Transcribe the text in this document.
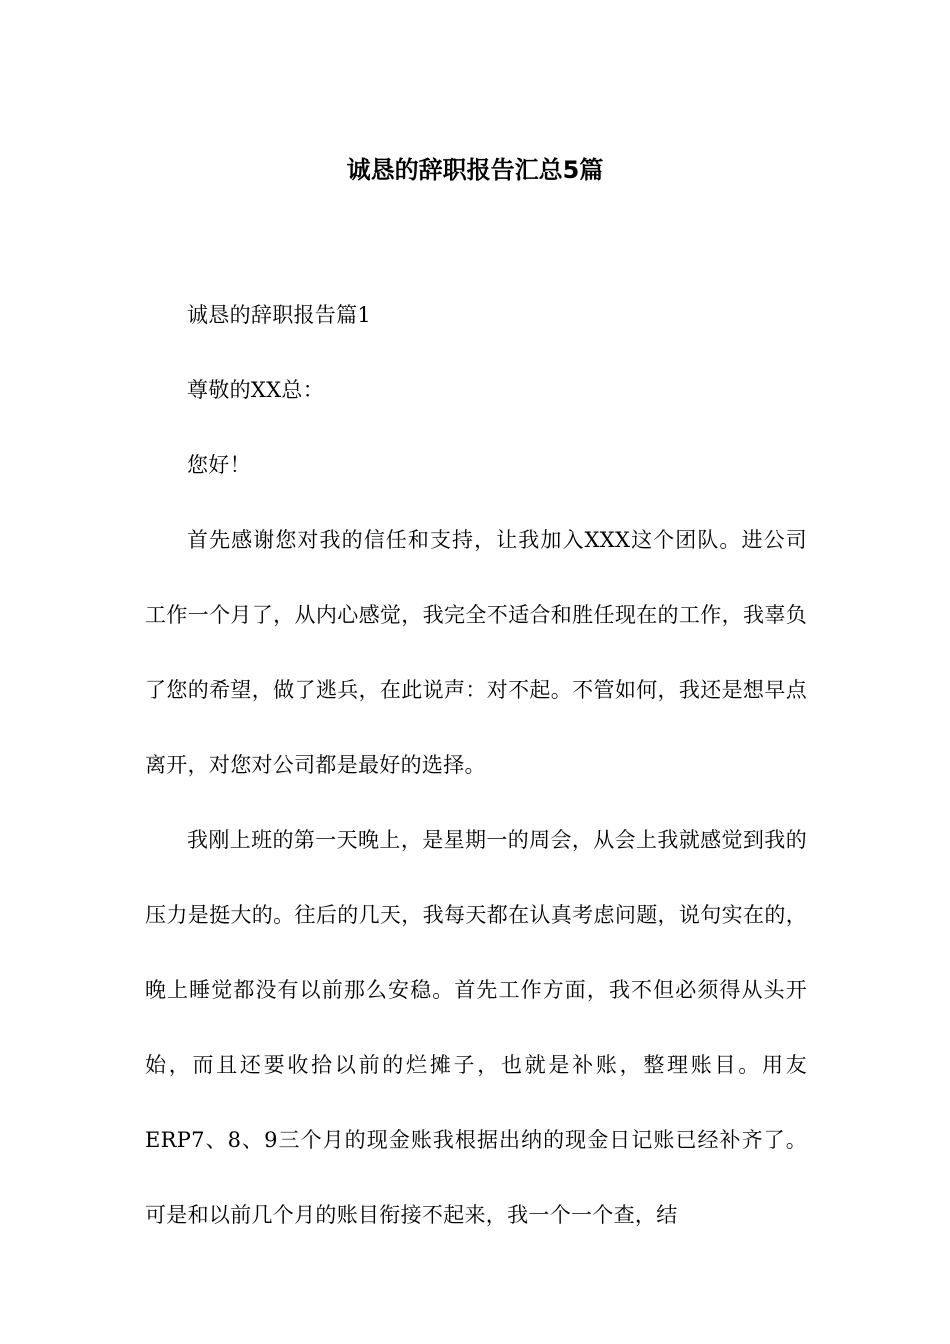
诚恳的辞职报告汇总5篇

诚恳的辞职报告篇1

尊敬的XX总：

您好！

首先感谢您对我的信任和支持，让我加入XXX这个团队。进公司工作一个月了，从内心感觉，我完全不适合和胜任现在的工作，我辜负了您的希望，做了逃兵，在此说声：对不起。不管如何，我还是想早点离开，对您对公司都是最好的选择。

我刚上班的第一天晚上，是星期一的周会，从会上我就感觉到我的压力是挺大的。往后的几天，我每天都在认真考虑问题，说句实在的，晚上睡觉都没有以前那么安稳。首先工作方面，我不但必须得从头开始，而且还要收拾以前的烂摊子，也就是补账，整理账目。用友ERP7、8、9三个月的现金账我根据出纳的现金日记账已经补齐了。可是和以前几个月的账目衔接不起来，我一个一个查，结
